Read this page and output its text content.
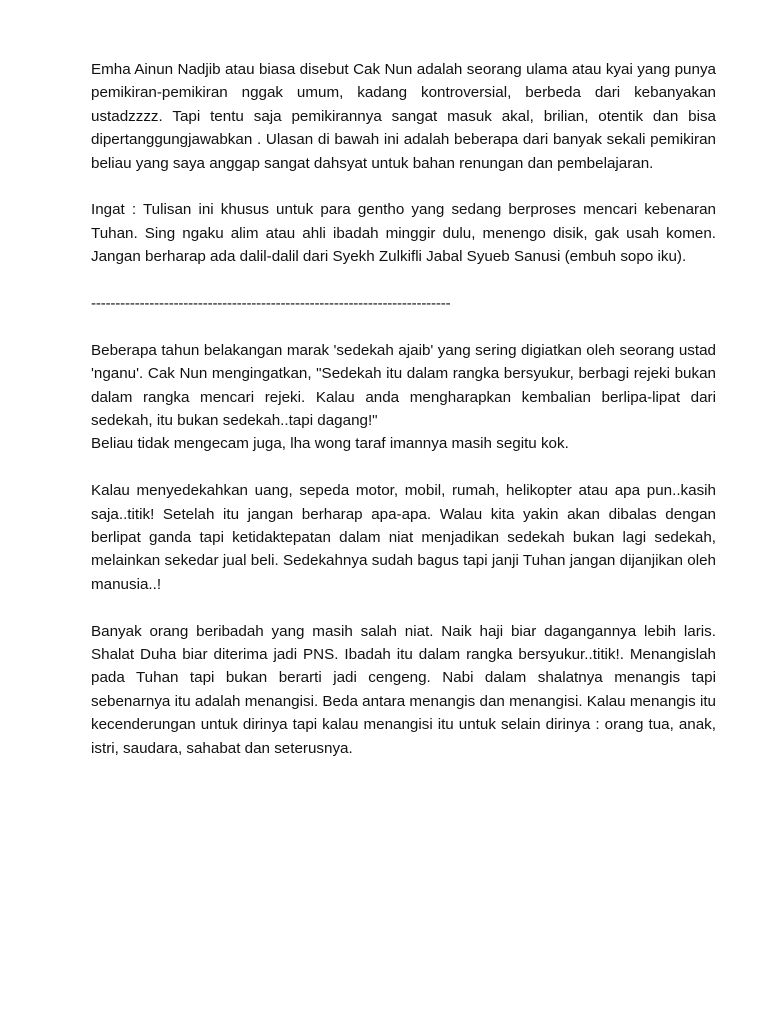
Emha Ainun Nadjib atau biasa disebut Cak Nun adalah seorang ulama atau kyai yang punya pemikiran-pemikiran nggak umum, kadang kontroversial, berbeda dari kebanyakan ustadzzzz. Tapi tentu saja pemikirannya sangat masuk akal, brilian, otentik dan bisa dipertanggungjawabkan . Ulasan di bawah ini adalah beberapa dari banyak sekali pemikiran beliau yang saya anggap sangat dahsyat untuk bahan renungan dan pembelajaran.

Ingat : Tulisan ini khusus untuk para gentho yang sedang berproses mencari kebenaran Tuhan. Sing ngaku alim atau ahli ibadah minggir dulu, menengo disik, gak usah komen. Jangan berharap ada dalil-dalil dari Syekh Zulkifli Jabal Syueb Sanusi (embuh sopo iku).

--------------------------------------------------------------------------

Beberapa tahun belakangan marak 'sedekah ajaib' yang sering digiatkan oleh seorang ustad 'nganu'. Cak Nun mengingatkan, "Sedekah itu dalam rangka bersyukur, berbagi rejeki bukan dalam rangka mencari rejeki. Kalau anda mengharapkan kembalian berlipa-lipat dari sedekah, itu bukan sedekah..tapi dagang!"

Beliau tidak mengecam juga, lha wong taraf imannya masih segitu kok.

Kalau menyedekahkan uang, sepeda motor, mobil, rumah, helikopter atau apa pun..kasih saja..titik! Setelah itu jangan berharap apa-apa. Walau kita yakin akan dibalas dengan berlipat ganda tapi ketidaktepatan dalam niat menjadikan sedekah bukan lagi sedekah, melainkan sekedar jual beli. Sedekahnya sudah bagus tapi janji Tuhan jangan dijanjikan oleh manusia..!

Banyak orang beribadah yang masih salah niat. Naik haji biar dagangannya lebih laris. Shalat Duha biar diterima jadi PNS. Ibadah itu dalam rangka bersyukur..titik!. Menangislah pada Tuhan tapi bukan berarti jadi cengeng. Nabi dalam shalatnya menangis tapi sebenarnya itu adalah menangisi. Beda antara menangis dan menangisi. Kalau menangis itu kecenderungan untuk dirinya tapi kalau menangisi itu untuk selain dirinya : orang tua, anak, istri, saudara, sahabat dan seterusnya.
